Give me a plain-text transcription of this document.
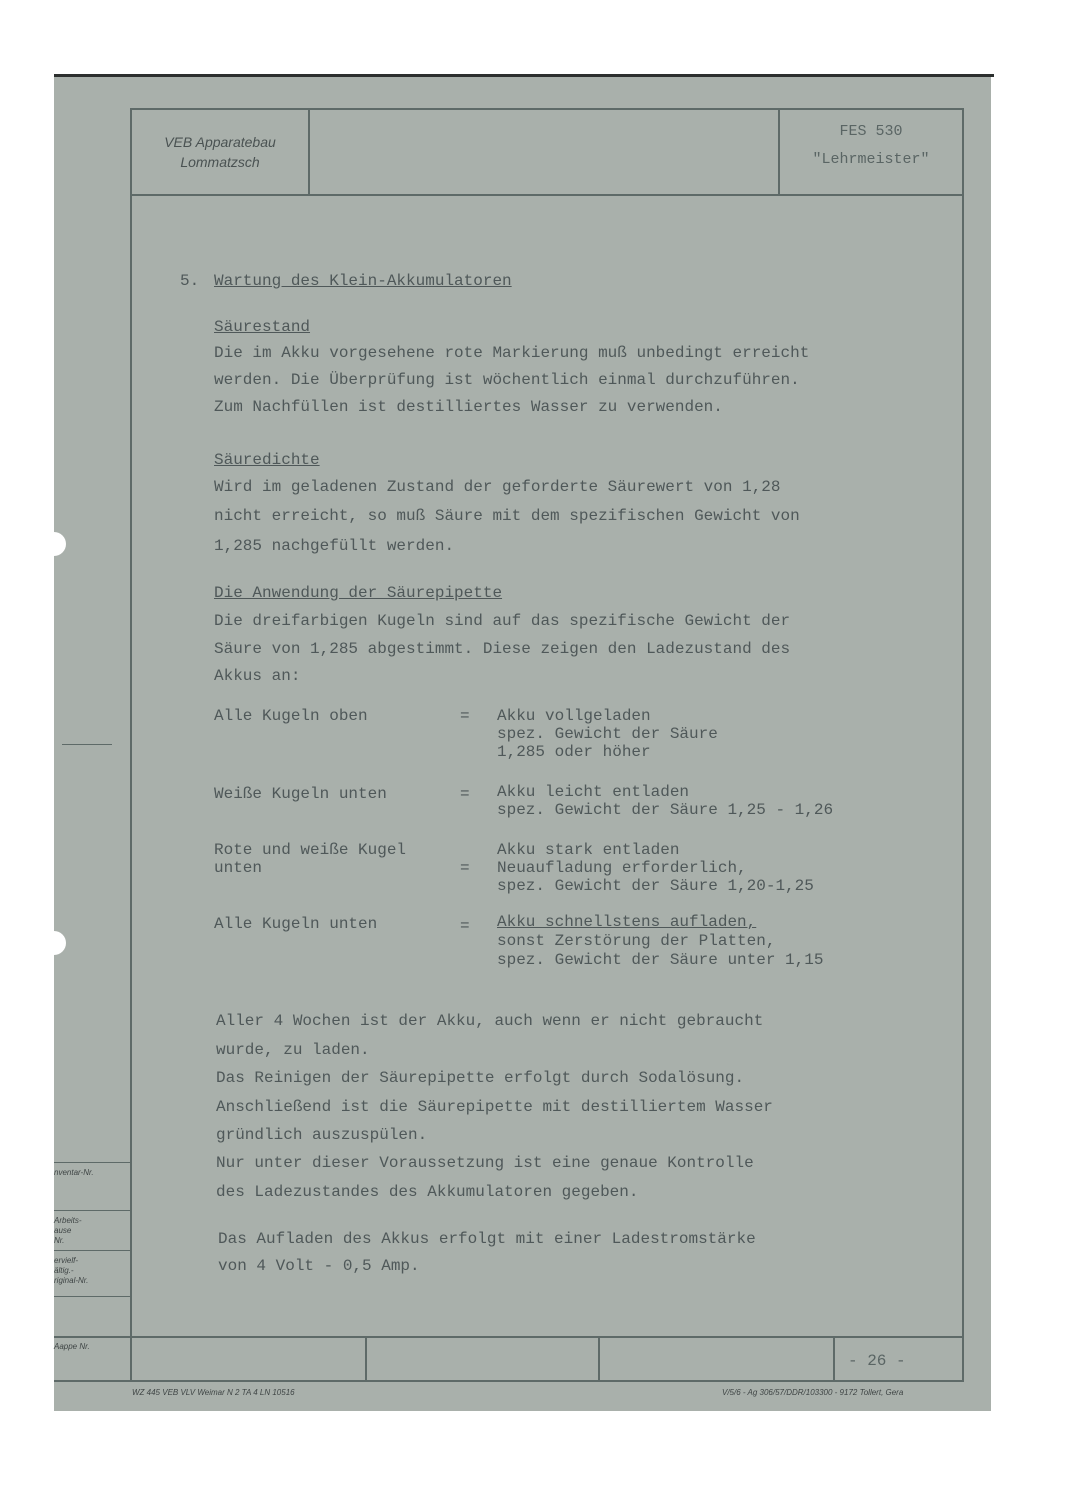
VEB Apparatebau
Lommatzsch
FES 530
"Lehrmeister"
5. Wartung des Klein-Akkumulatoren
Säurestand
Die im Akku vorgesehene rote Markierung muß unbedingt erreicht
werden. Die Überprüfung ist wöchentlich einmal durchzuführen.
Zum Nachfüllen ist destilliertes Wasser zu verwenden.
Säuredichte
Wird im geladenen Zustand der geforderte Säurewert von 1,28
nicht erreicht, so muß Säure mit dem spezifischen Gewicht von
1,285 nachgefüllt werden.
Die Anwendung der Säurepipette
Die dreifarbigen Kugeln sind auf das spezifische Gewicht der
Säure von 1,285 abgestimmt. Diese zeigen den Ladezustand des
Akkus an:
Alle Kugeln oben	= Akku vollgeladen
spez. Gewicht der Säure
1,285 oder höher
Weiße Kugeln unten	= Akku leicht entladen
spez. Gewicht der Säure 1,25 - 1,26
Rote und weiße Kugel
unten	=
Akku stark entladen
Neuaufladung erforderlich,
spez. Gewicht der Säure 1,20-1,25
Alle Kugeln unten	= Akku schnellstens aufladen,
sonst Zerstörung der Platten,
spez. Gewicht der Säure unter 1,15
Aller 4 Wochen ist der Akku, auch wenn er nicht gebraucht
wurde, zu laden.
Das Reinigen der Säurepipette erfolgt durch Sodalösung.
Anschließend ist die Säurepipette mit destilliertem Wasser
gründlich auszuspülen.
Nur unter dieser Voraussetzung ist eine genaue Kontrolle
des Ladezustandes des Akkumulatoren gegeben.
Das Aufladen des Akkus erfolgt mit einer Ladestromstärke
von 4 Volt - 0,5 Amp.
nventar-Nr.
Arbeits-
ause
Nr.
ervielf-
ältig.-
riginal-Nr.
Aappe Nr.
- 26 -
WZ 445 VEB VLV Weimar N 2 TA 4 LN 10516	V/5/6 - Ag 306/57/DDR/103300 - 9172 Tollert, Gera
